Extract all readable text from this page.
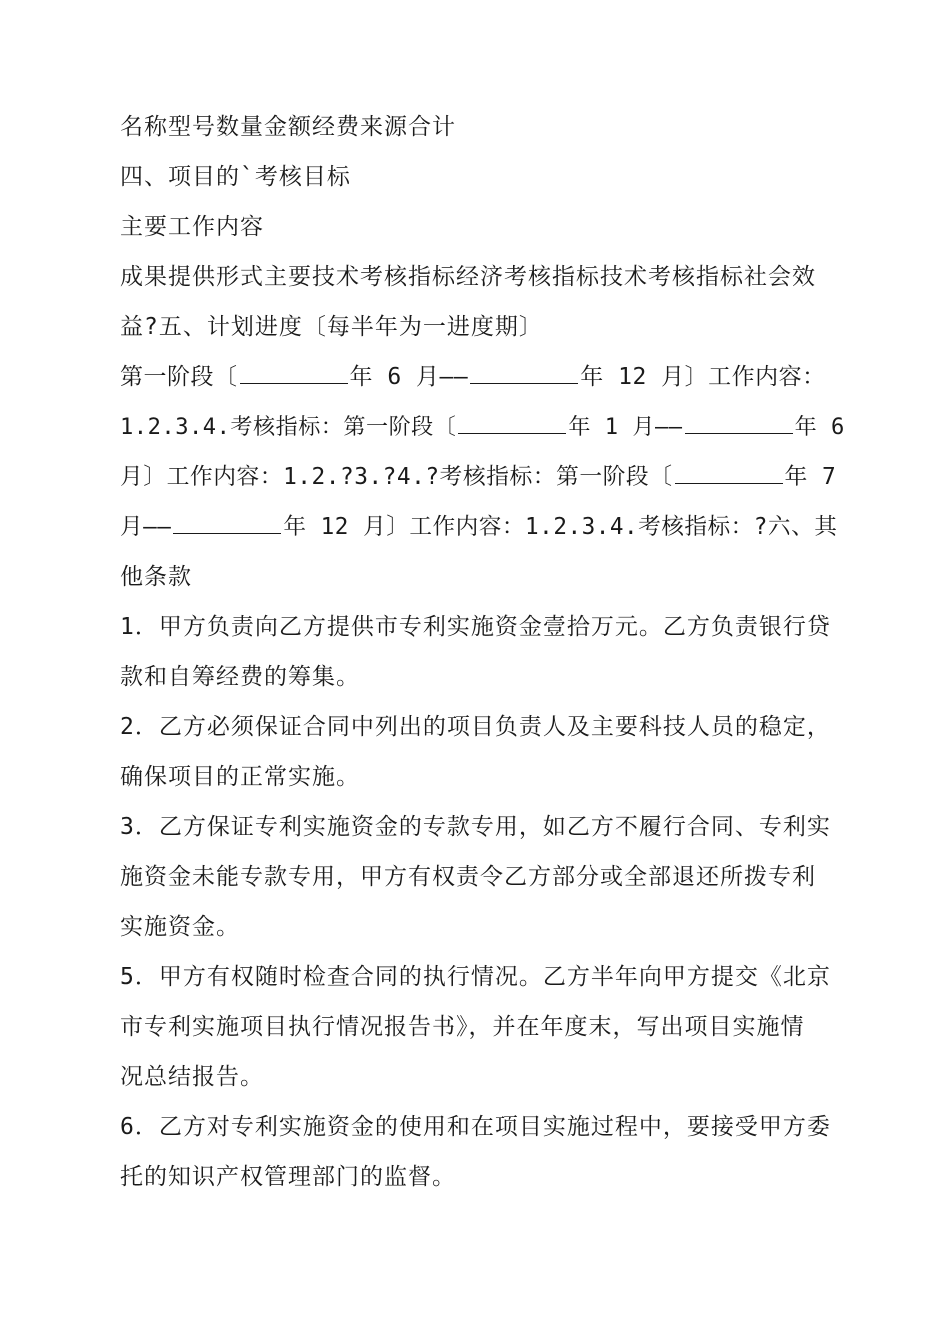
名称型号数量金额经费来源合计
四、项目的`考核目标
主要工作内容
成果提供形式主要技术考核指标经济考核指标技术考核指标社会效
益?五、计划进度〔每半年为一进度期〕
第一阶段〔	年 6 月——	年 12 月〕工作内容：
1.2.3.4.考核指标：第一阶段〔	年 1 月——	年 6
月〕工作内容：1.2.?3.?4.?考核指标：第一阶段〔	年 7
月——	年 12 月〕工作内容：1.2.3.4.考核指标：?六、其
他条款
1．甲方负责向乙方提供市专利实施资金壹拾万元。乙方负责银行贷
款和自筹经费的筹集。
2．乙方必须保证合同中列出的项目负责人及主要科技人员的稳定，
确保项目的正常实施。
3．乙方保证专利实施资金的专款专用，如乙方不履行合同、专利实
施资金未能专款专用，甲方有权责令乙方部分或全部退还所拨专利
实施资金。
5．甲方有权随时检查合同的执行情况。乙方半年向甲方提交《北京
市专利实施项目执行情况报告书》，并在年度末，写出项目实施情
况总结报告。
6．乙方对专利实施资金的使用和在项目实施过程中，要接受甲方委
托的知识产权管理部门的监督。
